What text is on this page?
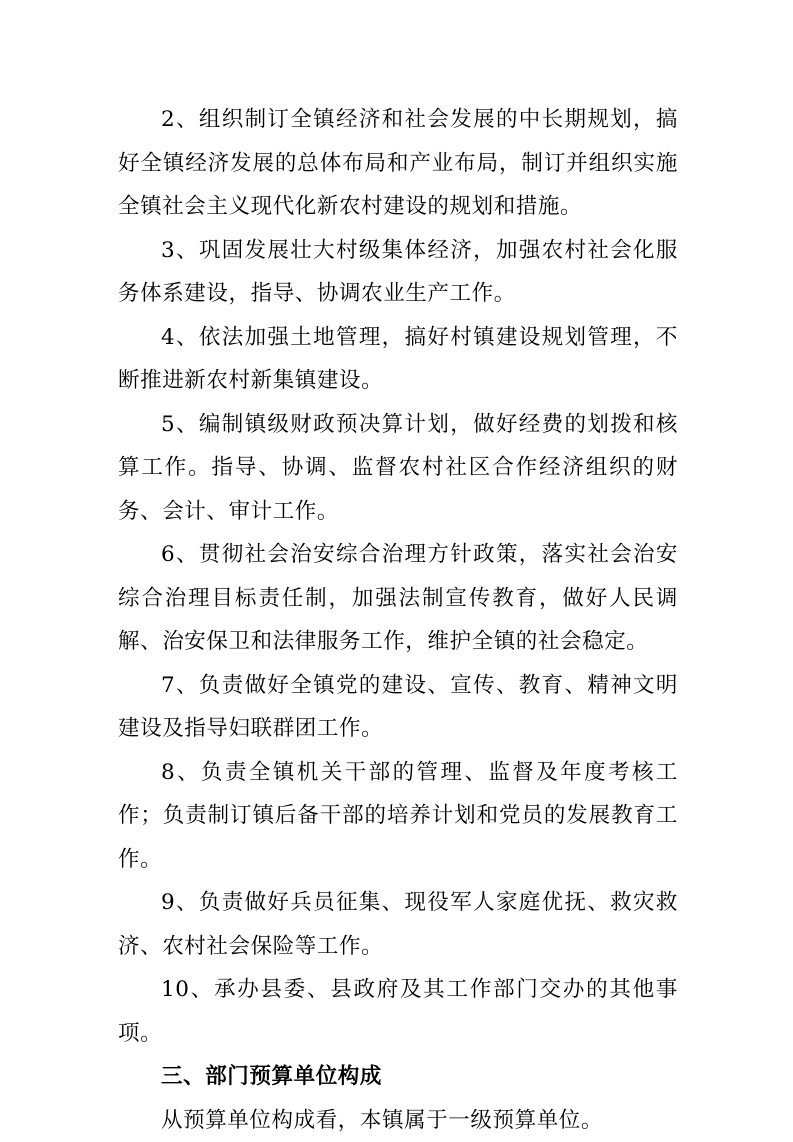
2、组织制订全镇经济和社会发展的中长期规划，搞好全镇经济发展的总体布局和产业布局，制订并组织实施全镇社会主义现代化新农村建设的规划和措施。

3、巩固发展壮大村级集体经济，加强农村社会化服务体系建设，指导、协调农业生产工作。

4、依法加强土地管理，搞好村镇建设规划管理，不断推进新农村新集镇建设。

5、编制镇级财政预决算计划，做好经费的划拨和核算工作。指导、协调、监督农村社区合作经济组织的财务、会计、审计工作。

6、贯彻社会治安综合治理方针政策，落实社会治安综合治理目标责任制，加强法制宣传教育，做好人民调解、治安保卫和法律服务工作，维护全镇的社会稳定。

7、负责做好全镇党的建设、宣传、教育、精神文明建设及指导妇联群团工作。

8、负责全镇机关干部的管理、监督及年度考核工作；负责制订镇后备干部的培养计划和党员的发展教育工作。

9、负责做好兵员征集、现役军人家庭优抚、救灾救济、农村社会保险等工作。

10、承办县委、县政府及其工作部门交办的其他事项。

三、部门预算单位构成

从预算单位构成看，本镇属于一级预算单位。
